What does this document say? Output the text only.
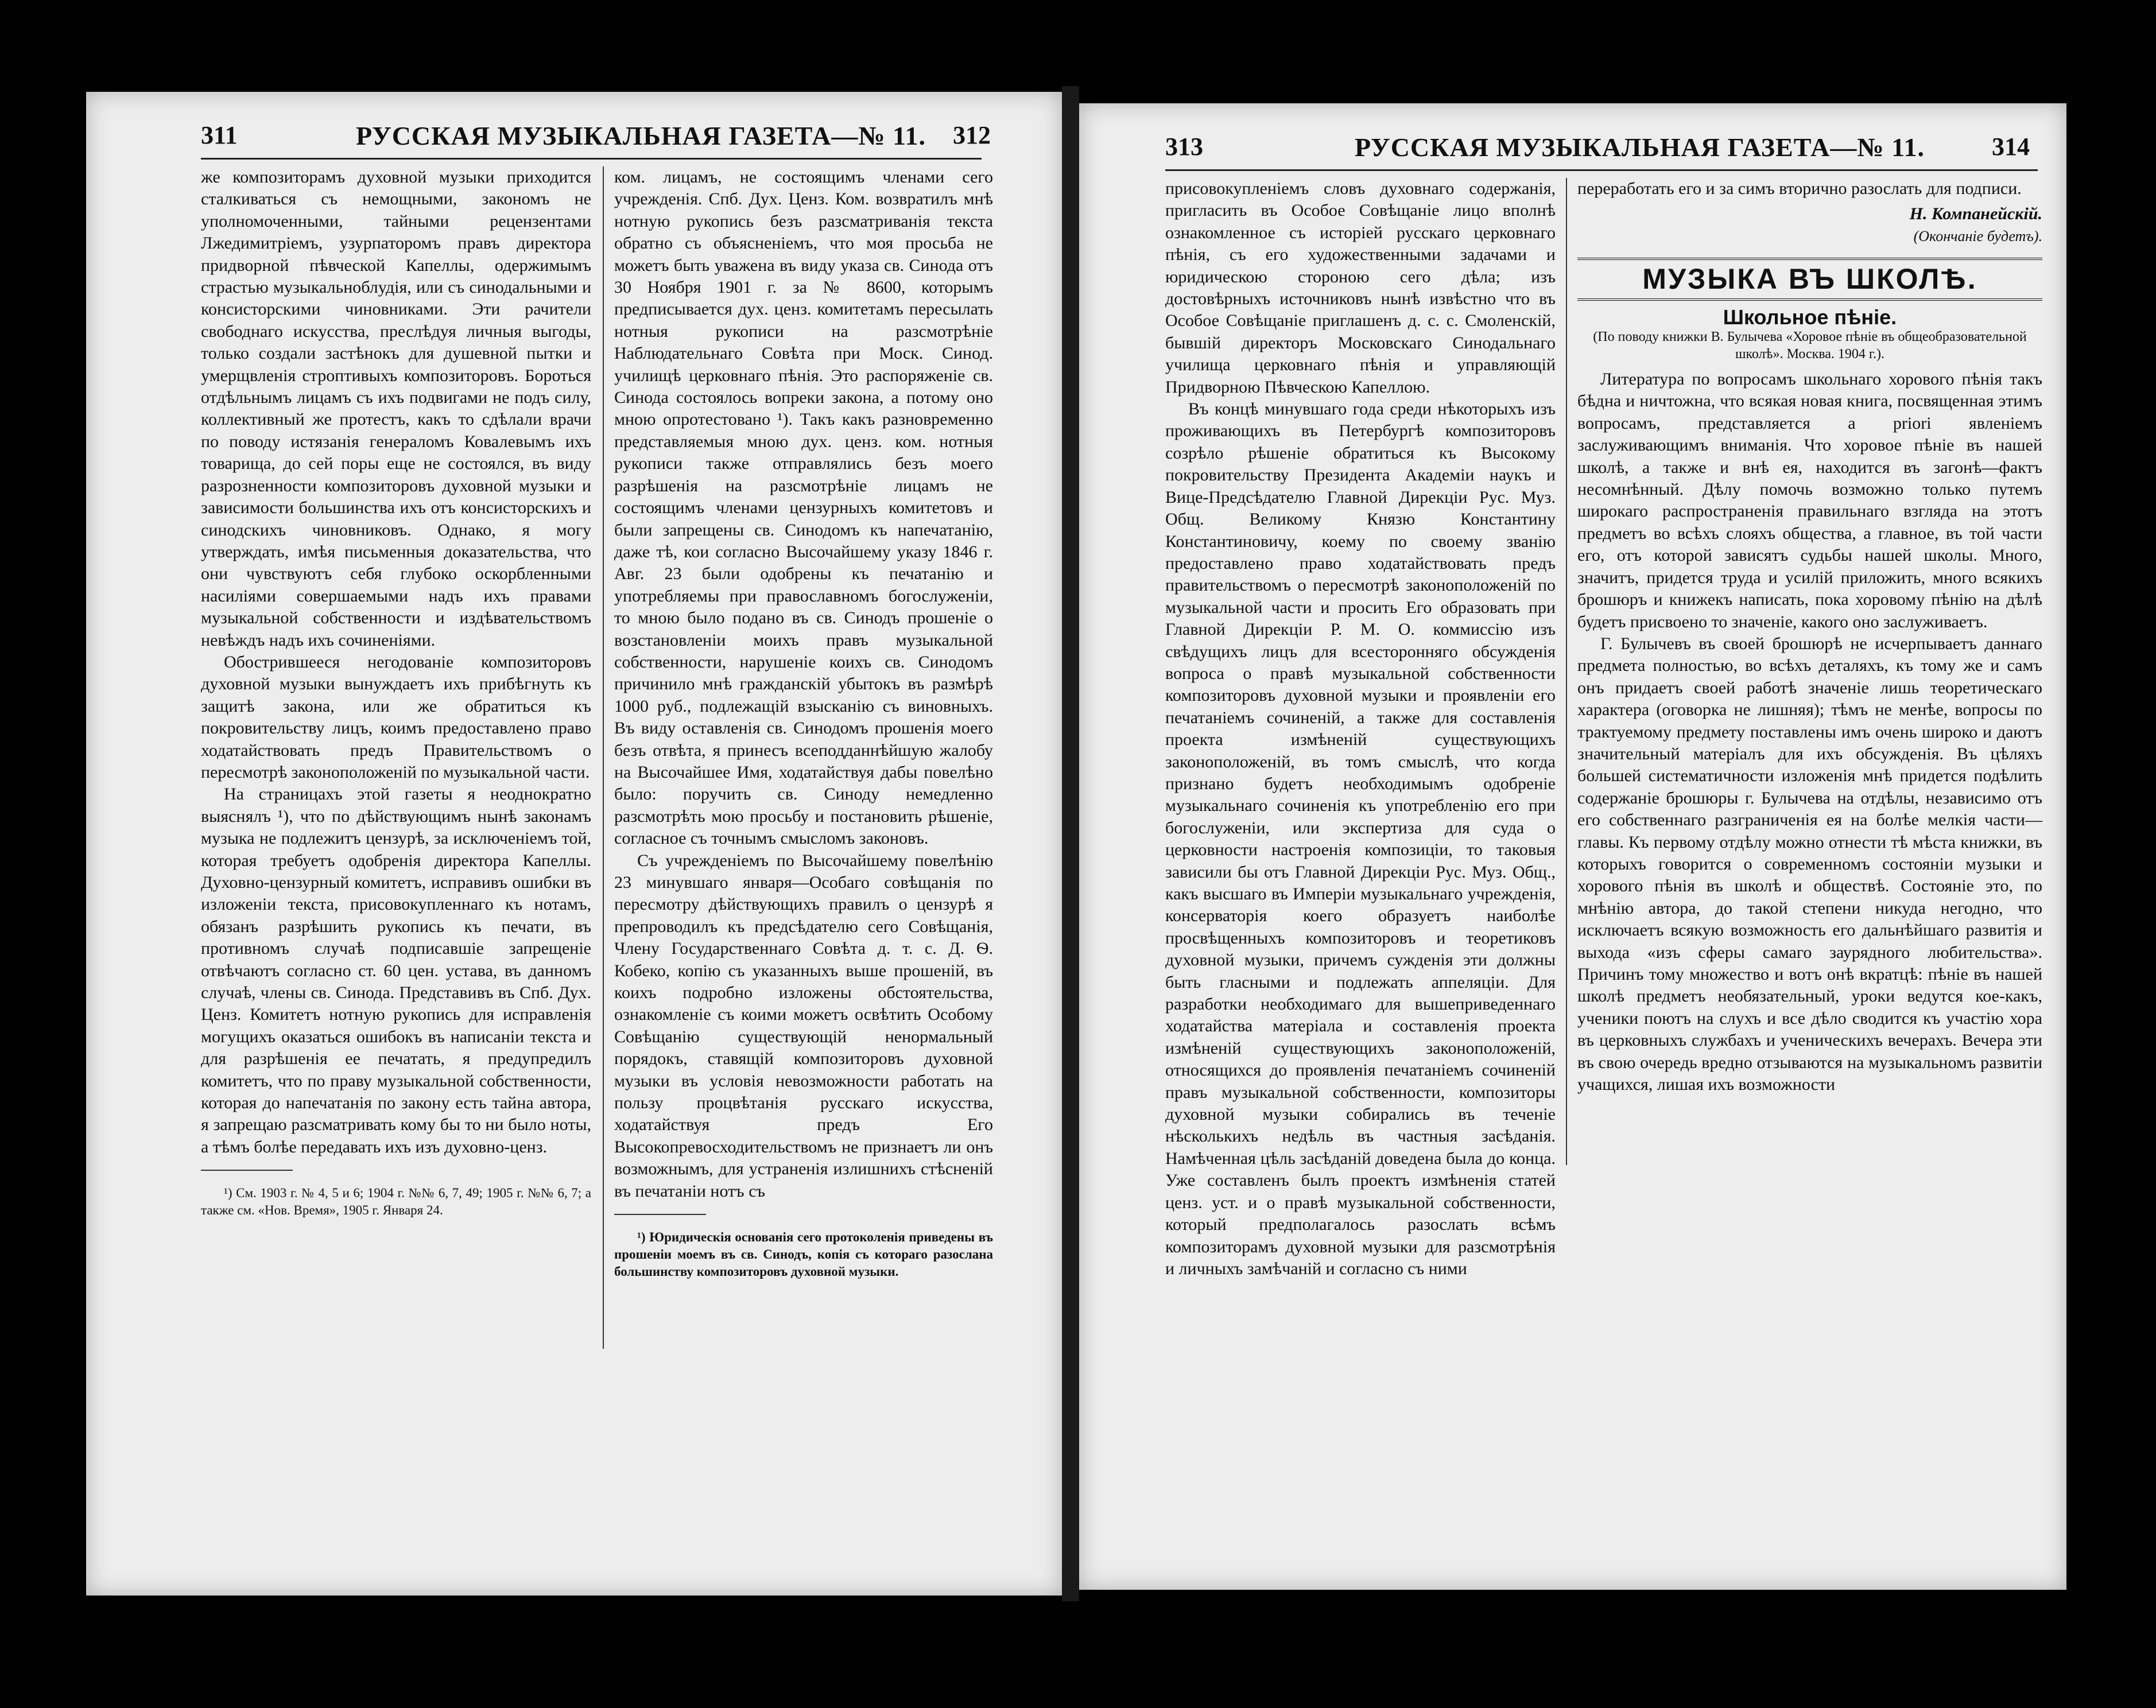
311	РУССКАЯ МУЗЫКАЛЬНАЯ ГАЗЕТА—№ 11. 312

же композиторамъ духовной музыки приходится сталкиваться съ немощными, закономъ не уполномоченными, тайными рецензентами Лжедимитріемъ, узурпаторомъ правъ директора придворной пѣвческой Капеллы, одержимымъ страстью музыкальноблудія, или съ синодальными и консисторскими чиновниками. Эти рачители свободнаго искусства, преслѣдуя личныя выгоды, только создали застѣнокъ для душевной пытки и умерщвленія строптивыхъ композиторовъ. Бороться отдѣльнымъ лицамъ съ ихъ подвигами не подъ силу, коллективный же протестъ, какъ то сдѣлали врачи по поводу истязанія генераломъ Ковалевымъ ихъ товарища, до сей поры еще не состоялся, въ виду разрозненности композиторовъ духовной музыки и зависимости большинства ихъ отъ консисторскихъ и синодскихъ чиновниковъ. Однако, я могу утверждать, имѣя письменныя доказательства, что они чувствуютъ себя глубоко оскорбленными насиліями совершаемыми надъ ихъ правами музыкальной собственности и издѣвательствомъ невѣждъ надъ ихъ сочиненіями.

Обострившееся негодованіе композиторовъ духовной музыки вынуждаетъ ихъ прибѣгнуть къ защитѣ закона, или же обратиться къ покровительству лицъ, коимъ предоставлено право ходатайствовать предъ Правительствомъ о пересмотрѣ законоположеній по музыкальной части.

На страницахъ этой газеты я неоднократно выяснялъ ¹), что по дѣйствующимъ нынѣ законамъ музыка не подлежитъ цензурѣ, за исключеніемъ той, которая требуетъ одобренія директора Капеллы. Духовно-цензурный комитетъ, исправивъ ошибки въ изложеніи текста, присовокупленнаго къ нотамъ, обязанъ разрѣшить рукопись къ печати, въ противномъ случаѣ подписавшіе запрещеніе отвѣчаютъ согласно ст. 60 цен. устава, въ данномъ случаѣ, члены св. Синода. Представивъ въ Спб. Дух. Ценз. Комитетъ нотную рукопись для исправленія могущихъ оказаться ошибокъ въ написаніи текста и для разрѣшенія ее печатать, я предупредилъ комитетъ, что по праву музыкальной собственности, которая до напечатанія по закону есть тайна автора, я запрещаю разсматривать кому бы то ни было ноты, а тѣмъ болѣе передавать ихъ изъ духовно-ценз.

¹) См. 1903 г. № 4, 5 и 6; 1904 г. №№ 6, 7, 49; 1905 г. №№ 6, 7; а также см. «Нов. Время», 1905 г. Января 24.

ком. лицамъ, не состоящимъ членами сего учрежденія. Спб. Дух. Ценз. Ком. возвратилъ мнѣ нотную рукопись безъ разсматриванія текста обратно съ объясненіемъ, что моя просьба не можетъ быть уважена въ виду указа св. Синода отъ 30 Ноября 1901 г. за № 8600, которымъ предписывается дух. ценз. комитетамъ пересылать нотныя рукописи на разсмотрѣніе Наблюдательнаго Совѣта при Моск. Синод. училищѣ церковнаго пѣнія. Это распоряженіе св. Синода состоялось вопреки закона, а потому оно мною опротестовано ¹). Такъ какъ разновременно представляемыя мною дух. ценз. ком. нотныя рукописи также отправлялись безъ моего разрѣшенія на разсмотрѣніе лицамъ не состоящимъ членами цензурныхъ комитетовъ и были запрещены св. Синодомъ къ напечатанію, даже тѣ, кои согласно Высочайшему указу 1846 г. Авг. 23 были одобрены къ печатанію и употребляемы при православномъ богослуженіи, то мною было подано въ св. Синодъ прошеніе о возстановленіи моихъ правъ музыкальной собственности, нарушеніе коихъ св. Синодомъ причинило мнѣ гражданскій убытокъ въ размѣрѣ 1000 руб., подлежащій взысканію съ виновныхъ. Въ виду оставленія св. Синодомъ прошенія моего безъ отвѣта, я принесъ всеподданнѣйшую жалобу на Высочайшее Имя, ходатайствуя дабы повелѣно было: поручить св. Синоду немедленно разсмотрѣть мою просьбу и постановить рѣшеніе, согласное съ точнымъ смысломъ законовъ.

Съ учрежденіемъ по Высочайшему повелѣнію 23 минувшаго января—Особаго совѣщанія по пересмотру дѣйствующихъ правилъ о цензурѣ я препроводилъ къ предсѣдателю сего Совѣщанія, Члену Государственнаго Совѣта д. т. с. Д. Ѳ. Кобеко, копію съ указанныхъ выше прошеній, въ коихъ подробно изложены обстоятельства, ознакомленіе съ коими можетъ освѣтить Особому Совѣщанію существующій ненормальный порядокъ, ставящій композиторовъ духовной музыки въ условія невозможности работать на пользу процвѣтанія русскаго искусства, ходатайствуя предъ Его Высокопревосходительствомъ не признаетъ ли онъ возможнымъ, для устраненія излишнихъ стѣсненій въ печатаніи нотъ съ

¹) Юридическія основанія сего протоколенія приведены въ прошеніи моемъ въ св. Синодъ, копія съ котораго разослана большинству композиторовъ духовной музыки.

313	РУССКАЯ МУЗЫКАЛЬНАЯ ГАЗЕТА—№ 11.	314

присовокупленіемъ словъ духовнаго содержанія, пригласить въ Особое Совѣщаніе лицо вполнѣ ознакомленное съ исторіей русскаго церковнаго пѣнія, съ его художественными задачами и юридическою стороною сего дѣла; изъ достовѣрныхъ источниковъ нынѣ извѣстно что въ Особое Совѣщаніе приглашенъ д. с. с. Смоленскій, бывшій директоръ Московскаго Синодальнаго училища церковнаго пѣнія и управляющій Придворною Пѣвческою Капеллою.

Въ концѣ минувшаго года среди нѣкоторыхъ изъ проживающихъ въ Петербургѣ композиторовъ созрѣло рѣшеніе обратиться къ Высокому покровительству Президента Академіи наукъ и Вице-Предсѣдателю Главной Дирекціи Рус. Муз. Общ. Великому Князю Константину Константиновичу, коему по своему званію предоставлено право ходатайствовать предъ правительствомъ о пересмотрѣ законоположеній по музыкальной части и просить Его образовать при Главной Дирекціи Р. М. О. коммиссію изъ свѣдущихъ лицъ для всестороннягo обсужденія вопроса о правѣ музыкальной собственности композиторовъ духовной музыки и проявленіи его печатаніемъ сочиненій, а также для составленія проекта измѣненій существующихъ законоположеній, въ томъ смыслѣ, что когда признано будетъ необходимымъ одобреніе музыкальнаго сочиненія къ употребленію его при богослуженіи, или экспертиза для суда о церковности настроенія композиціи, то таковыя зависили бы отъ Главной Дирекціи Рус. Муз. Общ., какъ высшаго въ Имперіи музыкальнаго учрежденія, консерваторія коего образуетъ наиболѣе просвѣщенныхъ композиторовъ и теоретиковъ духовной музыки, причемъ сужденія эти должны быть гласными и подлежать аппеляціи. Для разработки необходимаго для вышеприведеннаго ходатайства матеріала и составленія проекта измѣненій существующихъ законоположеній, относящихся до проявленія печатаніемъ сочиненій правъ музыкальной собственности, композиторы духовной музыки собирались въ теченіе нѣсколькихъ недѣль въ частныя засѣданія. Намѣченная цѣль засѣданій доведена была до конца. Уже составленъ былъ проектъ измѣненія статей ценз. уст. и о правѣ музыкальной собственности, который предполагалось разослать всѣмъ композиторамъ духовной музыки для разсмотрѣнія и личныхъ замѣчаній и согласно съ ними

переработать его и за симъ вторично разослать для подписи.

Н. Компанейскій.

(Окончаніе будетъ).

МУЗЫКА ВЪ ШКОЛѢ.

Школьное пѣніе.

(По поводу книжки В. Булычева «Хоровое пѣніе въ общеобразовательной школѣ». Москва. 1904 г.).

Литература по вопросамъ школьнаго хорового пѣнія такъ бѣдна и ничтожна, что всякая новая книга, посвященная этимъ вопросамъ, представляется а priori явленіемъ заслуживающимъ вниманія. Что хоровое пѣніе въ нашей школѣ, а также и внѣ ея, находится въ загонѣ—фактъ несомнѣнный. Дѣлу помочь возможно только путемъ широкаго распространенія правильнаго взгляда на этотъ предметъ во всѣхъ слояхъ общества, а главное, въ той части его, отъ которой зависятъ судьбы нашей школы. Много, значитъ, придется труда и усилій приложить, много всякихъ брошюръ и книжекъ написать, пока хоровому пѣнію на дѣлѣ будетъ присвоено то значеніе, какого оно заслуживаетъ.

Г. Булычевъ въ своей брошюрѣ не исчерпываетъ даннаго предмета полностью, во всѣхъ деталяхъ, къ тому же и самъ онъ придаетъ своей работѣ значеніе лишь теоретическаго характера (оговорка не лишняя); тѣмъ не менѣе, вопросы по трактуемому предмету поставлены имъ очень широко и даютъ значительный матеріалъ для ихъ обсужденія. Въ цѣляхъ большей систематичности изложенія мнѣ придется подѣлить содержаніе брошюры г. Булычева на отдѣлы, независимо отъ его собственнаго разграниченія ея на болѣе мелкія части—главы. Къ первому отдѣлу можно отнести тѣ мѣста книжки, въ которыхъ говорится о современномъ состояніи музыки и хорового пѣнія въ школѣ и обществѣ. Состояніе это, по мнѣнію автора, до такой степени никуда негодно, что исключаетъ всякую возможность его дальнѣйшаго развитія и выхода «изъ сферы самаго заурядного любительства». Причинъ тому множество и вотъ онѣ вкратцѣ: пѣніе въ нашей школѣ предметъ необязательный, уроки ведутся кое-какъ, ученики поютъ на слухъ и все дѣло сводится къ участію хора въ церковныхъ службахъ и ученическихъ вечерахъ. Вечера эти въ свою очередь вредно отзываются на музыкальномъ развитіи учащихся, лишая ихъ возможности
